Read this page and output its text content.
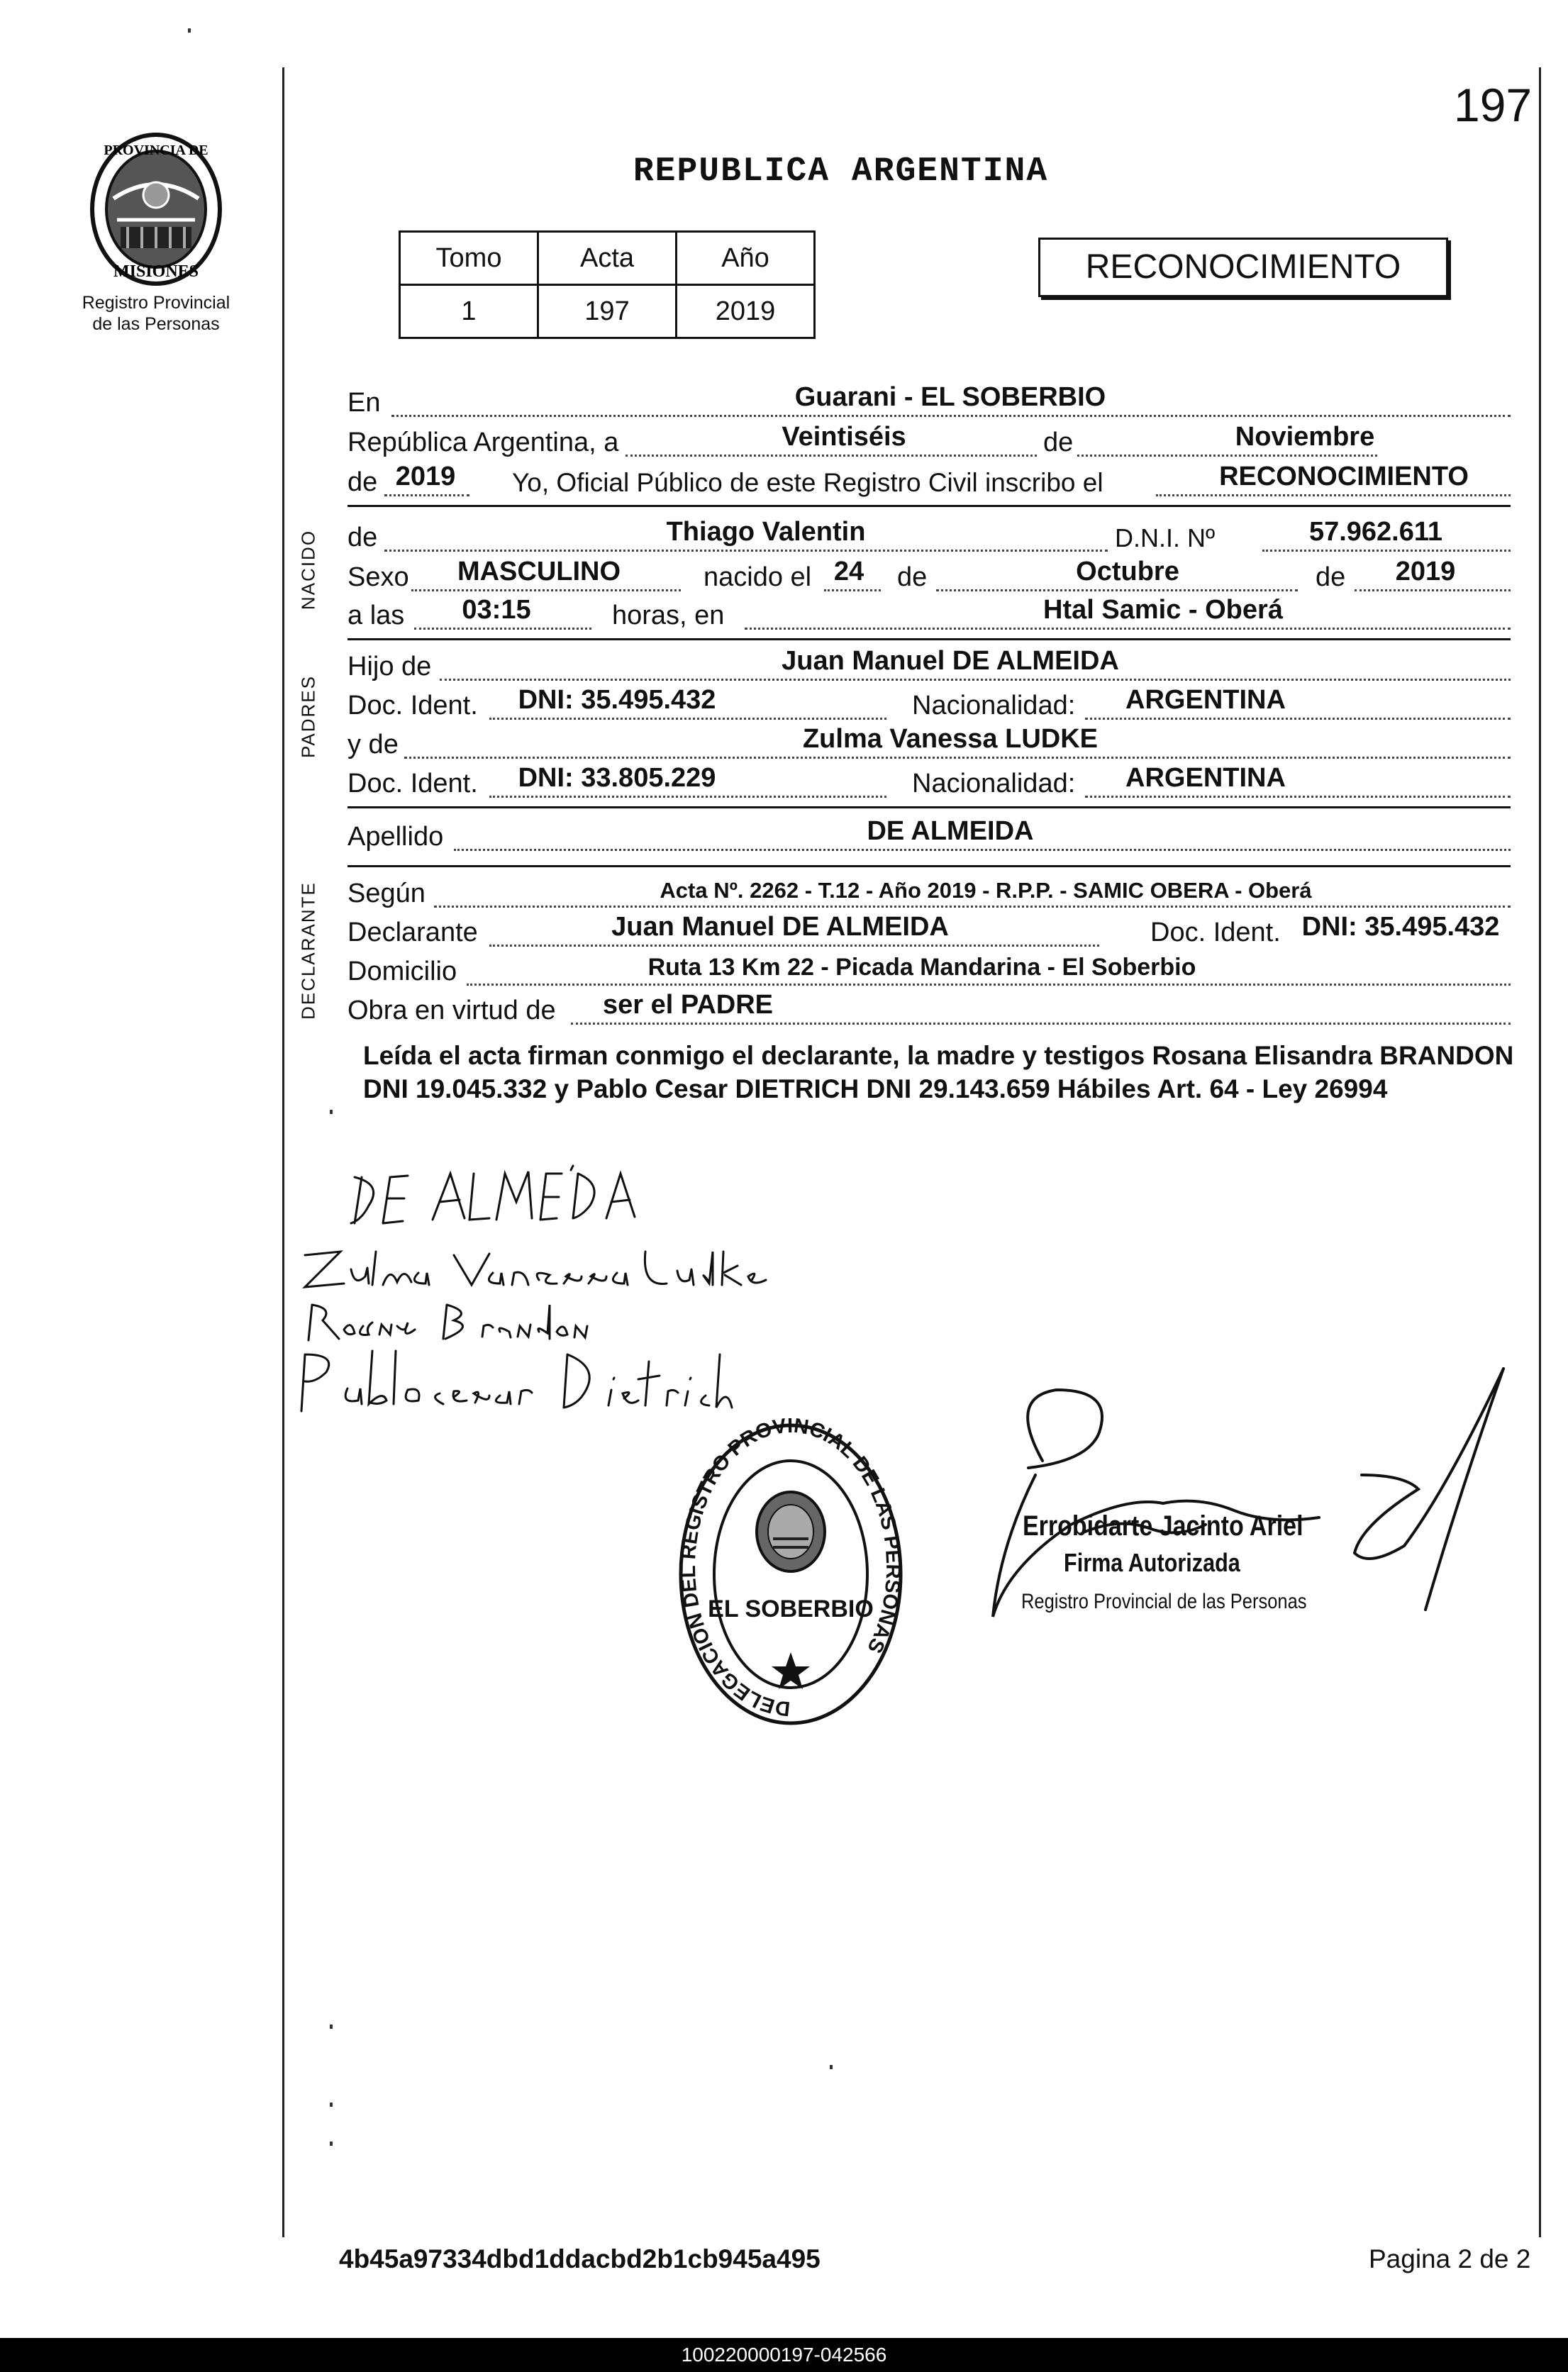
197
PROVINCIA DE
MISIONES
Registro Provincial
de las Personas
REPUBLICA ARGENTINA
Tomo	Acta	Año
1	197	2019
RECONOCIMIENTO
En	Guarani - EL SOBERBIO
República Argentina, a	Veintiséis	de	Noviembre
de 2019 Yo, Oficial Público de este Registro Civil inscribo el	RECONOCIMIENTO
NACIDO de	Thiago Valentin	D.N.I. Nº	57.962.611
Sexo	MASCULINO	nacido el 24	de	Octubre	de	2019
a las	03:15	horas, en	Htal Samic - Oberá
PADRES
Hijo de	Juan Manuel DE ALMEIDA
Doc. Ident.	DNI: 35.495.432	Nacionalidad:	ARGENTINA
y de	Zulma Vanessa LUDKE
Doc. Ident.	DNI: 33.805.229	Nacionalidad:	ARGENTINA
Apellido	DE ALMEIDA
DECLARANTE Según	Acta Nº. 2262 - T.12 - Año 2019 - R.P.P. - SAMIC OBERA - Oberá
Declarante	Juan Manuel DE ALMEIDA	Doc. Ident. DNI: 35.495.432
Domicilio	Ruta 13 Km 22 - Picada Mandarina - El Soberbio
Obra en virtud de	ser el PADRE
Leída el acta firman conmigo el declarante, la madre y testigos Rosana Elisandra BRANDON DNI 19.045.332 y Pablo Cesar DIETRICH DNI 29.143.659 Hábiles Art. 64 - Ley 26994
DELEGACION DEL REGISTRO PROVINCIAL DE LAS PERSONAS
EL SOBERBIO
Errobidarte Jacinto Ariel
Firma Autorizada
Registro Provincial de las Personas
4b45a97334dbd1ddacbd2b1cb945a495	Pagina 2 de 2
100220000197-042566
